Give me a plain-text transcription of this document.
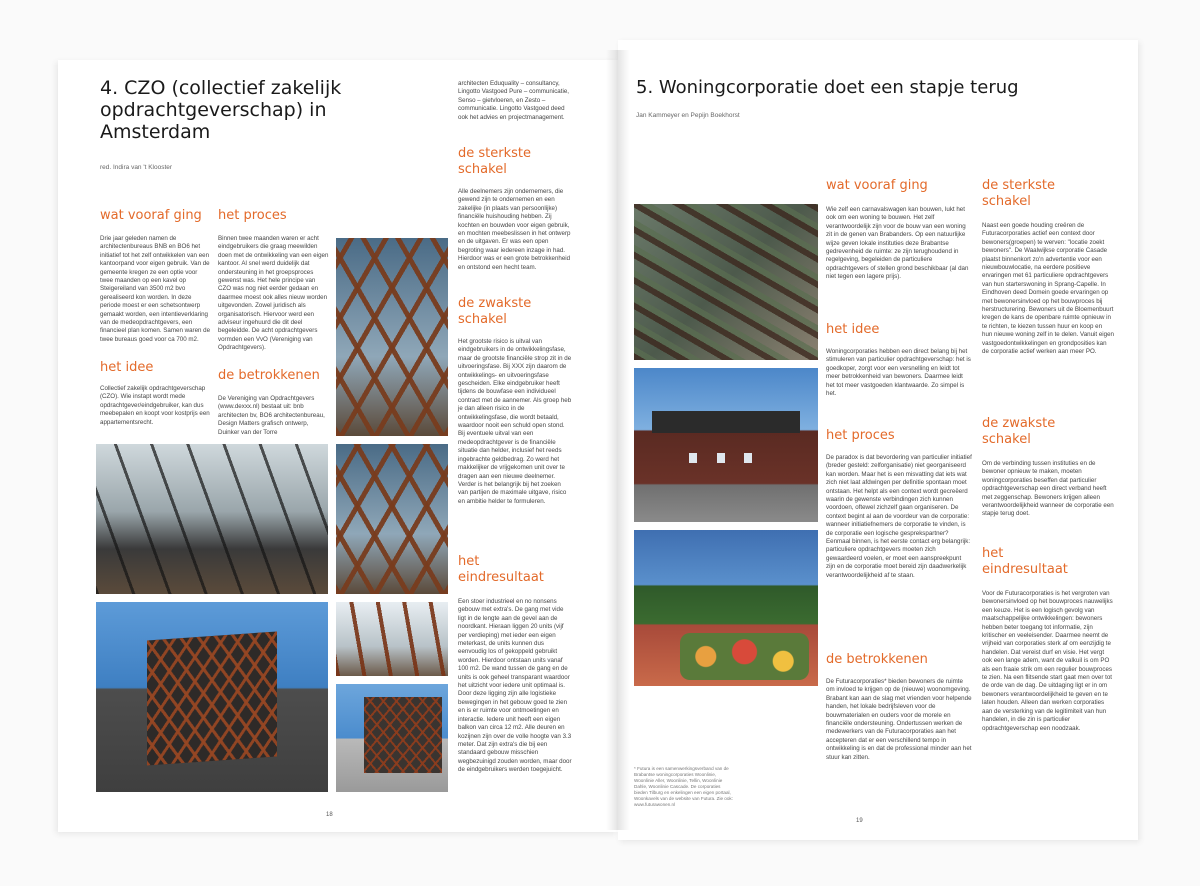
4. CZO (collectief zakelijk opdrachtgeverschap) in Amsterdam
red. Indira van 't Klooster
wat vooraf ging
Drie jaar geleden namen de architectenbureaus BNB en BO6 het initiatief tot het zelf ontwikkelen van een kantoorpand voor eigen gebruik. Van de gemeente kregen ze een optie voor twee maanden op een kavel op Steigereiland van 3500 m2 bvo gerealiseerd kon worden. In deze periode moest er een schetsontwerp gemaakt worden, een intentieverklaring van de medeopdrachtgevers, een financieel plan komen. Samen waren de twee bureaus goed voor ca 700 m2.
het idee
Collectief zakelijk opdrachtgeverschap (CZO). Wie instapt wordt mede opdrachtgever/eindgebruiker, kan dus meebepalen en koopt voor kostprijs een appartementsrecht.
het proces
Binnen twee maanden waren er acht eindgebruikers die graag meewilden doen met de ontwikkeling van een eigen kantoor. Al snel werd duidelijk dat ondersteuning in het groepsproces gewenst was. Het hele principe van CZO was nog niet eerder gedaan en daarmee moest ook alles nieuw worden uitgevonden. Zowel juridisch als organisatorisch. Hiervoor werd een adviseur ingehuurd die dit deel begeleidde. De acht opdrachtgevers vormden een VvO (Vereniging van Opdrachtgevers).
de betrokkenen
De Vereniging van Opdrachtgevers (www.dexxx.nl) bestaat uit: bnb architecten bv, BO6 architectenbureau, Design Matters grafisch ontwerp, Duinker van der Torre
architecten Eduquality – consultancy, Lingotto Vastgoed Pure – communicatie, Senso – gietvloeren, en Zesto – communicatie. Lingotto Vastgoed deed ook het advies en projectmanagement.
de sterkste schakel
Alle deelnemers zijn ondernemers, die gewend zijn te ondernemen en een zakelijke (in plaats van persoonlijke) financiële huishouding hebben. Zij kochten en bouwden voor eigen gebruik, en mochten meebeslissen in het ontwerp en de uitgaven. Er was een open begroting waar iedereen inzage in had. Hierdoor was er een grote betrokkenheid en ontstond een hecht team.
de zwakste schakel
Het grootste risico is uitval van eindgebruikers in de ontwikkelingsfase, maar de grootste financiële strop zit in de uitvoeringsfase. Bij XXX zijn daarom de ontwikkelings- en uitvoeringsfase gescheiden. Elke eindgebruiker heeft tijdens de bouwfase een individueel contract met de aannemer. Als groep heb je dan alleen risico in de ontwikkelingsfase, die wordt betaald, waardoor nooit een schuld open stond. Bij eventuele uitval van een medeopdrachtgever is de financiële situatie dan helder, inclusief het reeds ingebrachte geldbedrag. Zo werd het makkelijker de vrijgekomen unit over te dragen aan een nieuwe deelnemer. Verder is het belangrijk bij het zoeken van partijen de maximale uitgave, risico en ambitie helder te formuleren.
het eindresultaat
Een stoer industrieel en no nonsens gebouw met extra's. De gang met vide ligt in de lengte aan de gevel aan de noordkant. Hieraan liggen 20 units (vijf per verdieping) met ieder een eigen meterkast, de units kunnen dus eenvoudig los of gekoppeld gebruikt worden. Hierdoor ontstaan units vanaf 100 m2. De wand tussen de gang en de units is ook geheel transparant waardoor het uitzicht voor iedere unit optimaal is. Door deze ligging zijn alle logistieke bewegingen in het gebouw goed te zien en is er ruimte voor ontmoetingen en interactie. Iedere unit heeft een eigen balkon van circa 12 m2. Alle deuren en kozijnen zijn over de volle hoogte van 3.3 meter. Dat zijn extra's die bij een standaard gebouw misschien wegbezuinigd zouden worden, maar door de eindgebruikers werden toegejuicht.
18
5. Woningcorporatie doet een stapje terug
Jan Kammeyer en Pepijn Boekhorst
* Futura is een samenwerkingsverband van de Brabantse woningcorporaties Woonlinie, Woonlinie Aller, Woonlinie, Tellin, Woonlinie Dahle, Woonlinie Cascade. De corporaties bieden Tilburg en enkelingen een eigen portaal, Woonkavels van de website van Futura. Zie ook: www.futurawonen.nl
wat vooraf ging
Wie zelf een carnavalswagen kan bouwen, lukt het ook om een woning te bouwen. Het zelf verantwoordelijk zijn voor de bouw van een woning zit in de genen van Brabanders. Op een natuurlijke wijze geven lokale instituties deze Brabantse gedrevenheid de ruimte: ze zijn terughoudend in regelgeving, begeleiden de particuliere opdrachtgevers of stellen grond beschikbaar (al dan niet tegen een lagere prijs).
het idee
Woningcorporaties hebben een direct belang bij het stimuleren van particulier opdrachtgeverschap: het is goedkoper, zorgt voor een versnelling en leidt tot meer betrokkenheid van bewoners. Daarmee leidt het tot meer vastgoeden klantwaarde. Zo simpel is het.
het proces
De paradox is dat bevordering van particulier initiatief (breder gesteld: zelforganisatie) niet georganiseerd kan worden. Maar het is een misvatting dat iets wat zich niet laat afdwingen per definitie spontaan moet ontstaan. Het helpt als een context wordt gecreëerd waarin de gewenste verbindingen zich kunnen voordoen, oftewel zichzelf gaan organiseren. De context begint al aan de voordeur van de corporatie: wanneer initiatiefnemers de corporatie te vinden, is de corporatie een logische gesprekspartner? Eenmaal binnen, is het eerste contact erg belangrijk: particuliere opdrachtgevers moeten zich gewaardeerd voelen, er moet een aanspreekpunt zijn en de corporatie moet bereid zijn daadwerkelijk verantwoordelijkheid af te staan.
de betrokkenen
De Futuracorporaties* bieden bewoners de ruimte om invloed te krijgen op de (nieuwe) woonomgeving. Brabant kan aan de slag met vrienden voor helpende handen, het lokale bedrijfsleven voor de bouwmaterialen en ouders voor de morele en financiële ondersteuning. Ondertussen werken de medewerkers van de Futuracorporaties aan het accepteren dat er een verschillend tempo in ontwikkeling is en dat de professional minder aan het stuur kan zitten.
de sterkste schakel
Naast een goede houding creëren de Futuracorporaties actief een context door bewoners(groepen) te werven: "locatie zoekt bewoners". De Waalwijkse corporatie Casade plaatst binnenkort zo'n advertentie voor een nieuwbouwlocatie, na eerdere positieve ervaringen met 61 particuliere opdrachtgevers van hun starterswoning in Sprang-Capelle. In Eindhoven deed Domein goede ervaringen op met bewonersinvloed op het bouwproces bij herstructurering. Bewoners uit de Bloemenbuurt kregen de kans de openbare ruimte opnieuw in te richten, te kiezen tussen huur en koop en hun nieuwe woning zelf in te delen. Vanuit eigen vastgoedontwikkelingen en grondposities kan de corporatie actief werken aan meer PO.
de zwakste schakel
Om de verbinding tussen instituties en de bewoner opnieuw te maken, moeten woningcorporaties beseffen dat particulier opdrachtgeverschap een direct verband heeft met zeggenschap. Bewoners krijgen alleen verantwoordelijkheid wanneer de corporatie een stapje terug doet.
het eindresultaat
Voor de Futuracorporaties is het vergroten van bewonersinvloed op het bouwproces nauwelijks een keuze. Het is een logisch gevolg van maatschappelijke ontwikkelingen: bewoners hebben beter toegang tot informatie, zijn kritischer en veeleisender. Daarmee neemt de vrijheid van corporaties sterk af om eenzijdig te handelen. Dat vereist durf en visie. Het vergt ook een lange adem, want de valkuil is om PO als een fraaie strik om een regulier bouwproces te zien. Na een flitsende start gaat men over tot de orde van de dag. De uitdaging ligt er in om bewoners verantwoordelijkheid te geven en te laten houden. Alleen dan werken corporaties aan de versterking van de legitimiteit van hun handelen, in die zin is particulier opdrachtgeverschap een noodzaak.
19
